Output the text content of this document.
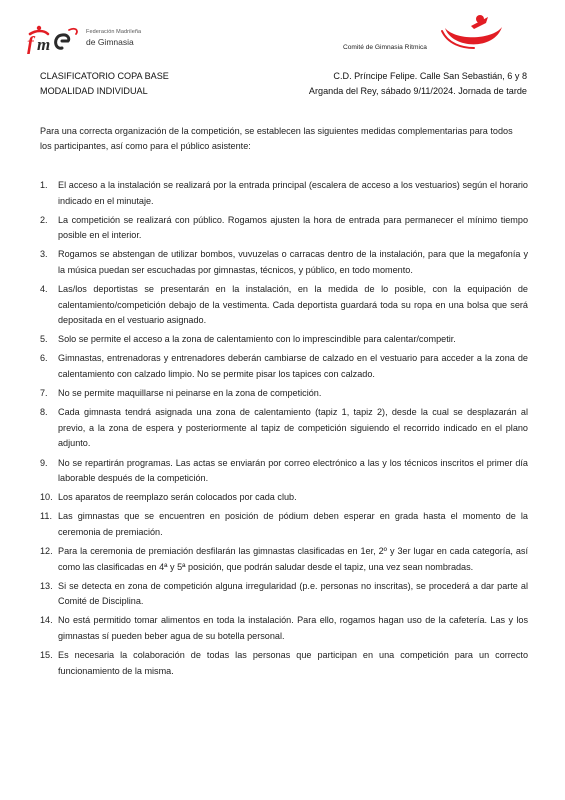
f m
Federación Madrileña
de Gimnasia
Comité de Gimnasia Rítmica
CLASIFICATORIO COPA BASE
MODALIDAD INDIVIDUAL
C.D. Príncipe Felipe. Calle San Sebastián, 6 y 8
Arganda del Rey, sábado 9/11/2024. Jornada de tarde

Para una correcta organización de la competición, se establecen las siguientes medidas complementarias para todos los participantes, así como para el público asistente:

1.	El acceso a la instalación se realizará por la entrada principal (escalera de acceso a los vestuarios) según el horario indicado en el minutaje.
2.	La competición se realizará con público. Rogamos ajusten la hora de entrada para permanecer el mínimo tiempo posible en el interior.
3.	Rogamos se abstengan de utilizar bombos, vuvuzelas o carracas dentro de la instalación, para que la megafonía y la música puedan ser escuchadas por gimnastas, técnicos, y público, en todo momento.
4.	Las/los deportistas se presentarán en la instalación, en la medida de lo posible, con la equipación de calentamiento/competición debajo de la vestimenta. Cada deportista guardará toda su ropa en una bolsa que será depositada en el vestuario asignado.
5.	Solo se permite el acceso a la zona de calentamiento con lo imprescindible para calentar/competir.
6.	Gimnastas, entrenadoras y entrenadores deberán cambiarse de calzado en el vestuario para acceder a la zona de calentamiento con calzado limpio. No se permite pisar los tapices con calzado.
7.	No se permite maquillarse ni peinarse en la zona de competición.
8.	Cada gimnasta tendrá asignada una zona de calentamiento (tapiz 1, tapiz 2), desde la cual se desplazarán al previo, a la zona de espera y posteriormente al tapiz de competición siguiendo el recorrido indicado en el plano adjunto.
9.	No se repartirán programas. Las actas se enviarán por correo electrónico a las y los técnicos inscritos el primer día laborable después de la competición.
10. Los aparatos de reemplazo serán colocados por cada club.
11. Las gimnastas que se encuentren en posición de pódium deben esperar en grada hasta el momento de la ceremonia de premiación.
12. Para la ceremonia de premiación desfilarán las gimnastas clasificadas en 1er, 2º y 3er lugar en cada categoría, así como las clasificadas en 4ª y 5ª posición, que podrán saludar desde el tapiz, una vez sean nombradas.
13. Si se detecta en zona de competición alguna irregularidad (p.e. personas no inscritas), se procederá a dar parte al Comité de Disciplina.
14. No está permitido tomar alimentos en toda la instalación. Para ello, rogamos hagan uso de la cafetería. Las y los gimnastas sí pueden beber agua de su botella personal.
15. Es necesaria la colaboración de todas las personas que participan en una competición para un correcto funcionamiento de la misma.
